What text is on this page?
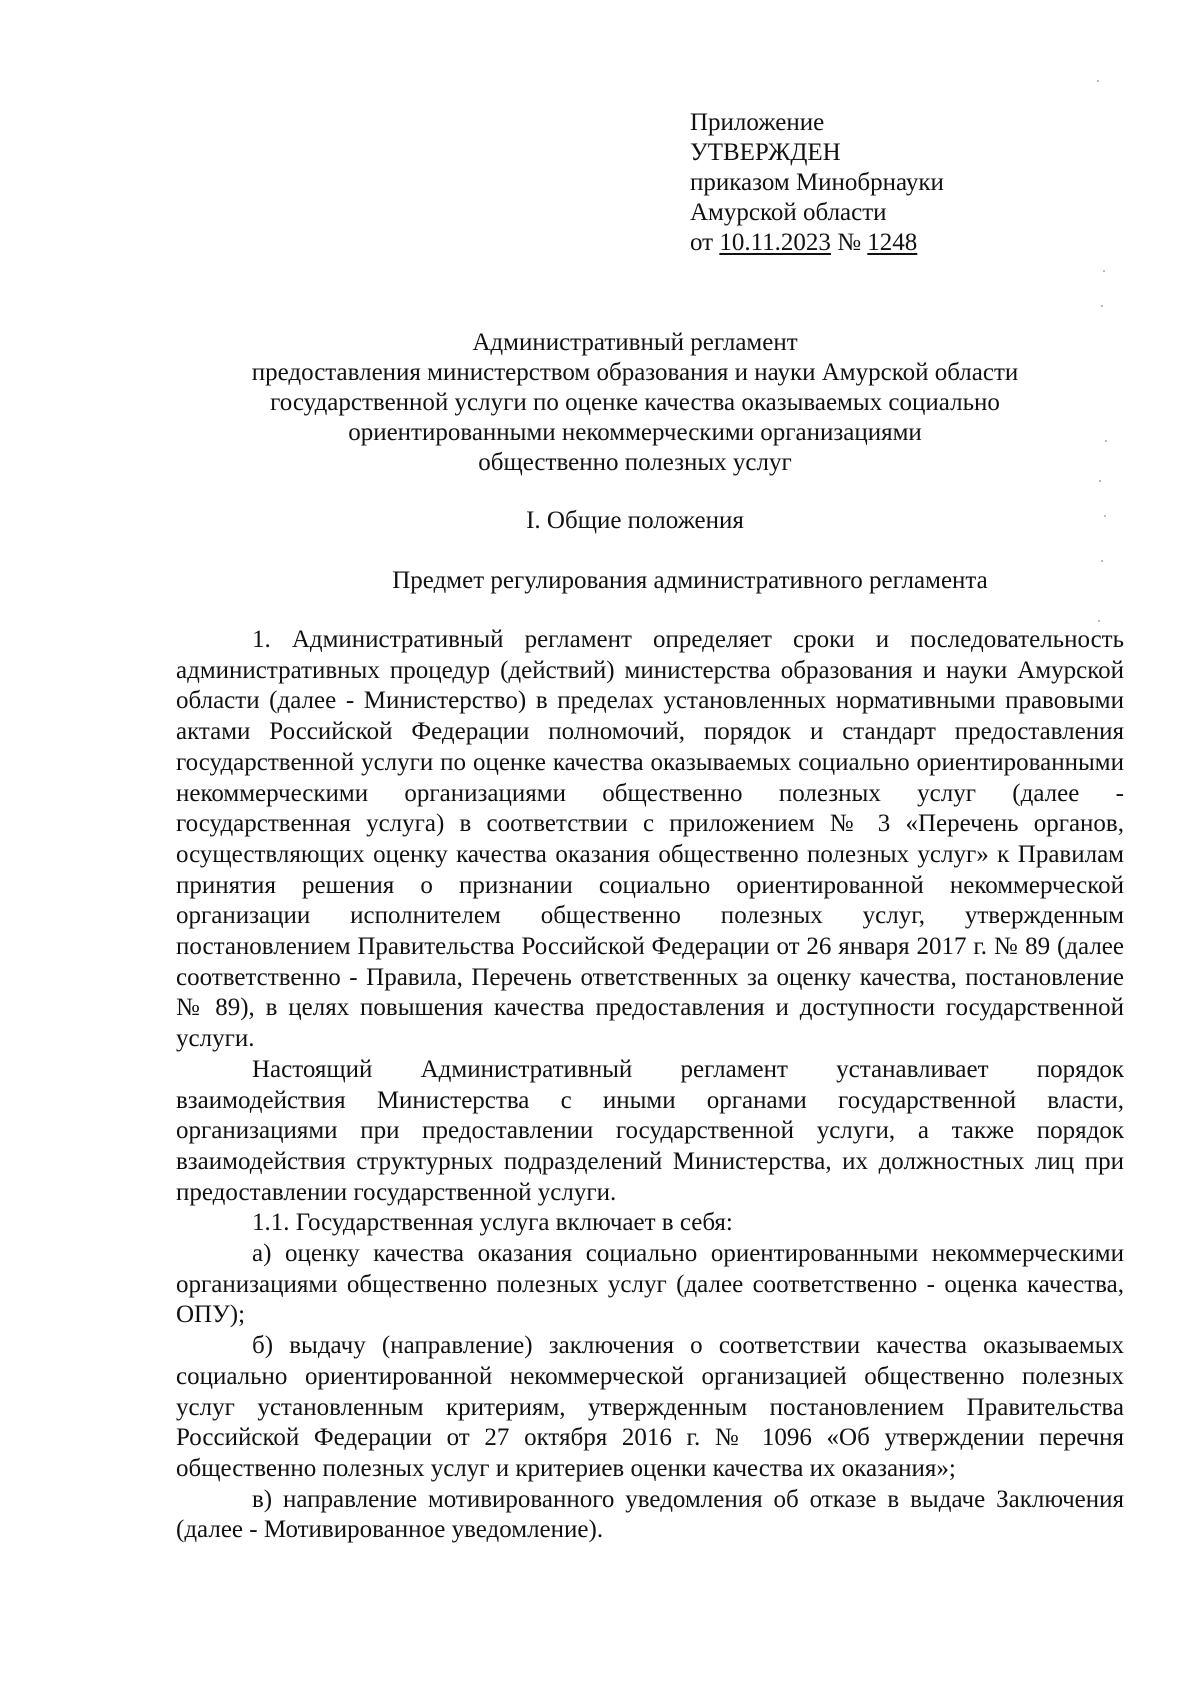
Приложение
УТВЕРЖДЕН
приказом Минобрнауки
Амурской области
от 10.11.2023 № 1248
Административный регламент
предоставления министерством образования и науки Амурской области
государственной услуги по оценке качества оказываемых социально
ориентированными некоммерческими организациями
общественно полезных услуг
I. Общие положения
Предмет регулирования административного регламента

1. Административный регламент определяет сроки и последовательность административных процедур (действий) министерства образования и науки Амурской области (далее - Министерство) в пределах установленных нормативными правовыми актами Российской Федерации полномочий, порядок и стандарт предоставления государственной услуги по оценке качества оказываемых социально ориентированными некоммерческими организациями общественно полезных услуг (далее - государственная услуга) в соответствии с приложением № 3 «Перечень органов, осуществляющих оценку качества оказания общественно полезных услуг» к Правилам принятия решения о признании социально ориентированной некоммерческой организации исполнителем общественно полезных услуг, утвержденным постановлением Правительства Российской Федерации от 26 января 2017 г. № 89 (далее соответственно - Правила, Перечень ответственных за оценку качества, постановление № 89), в целях повышения качества предоставления и доступности государственной услуги.

Настоящий Административный регламент устанавливает порядок взаимодействия Министерства с иными органами государственной власти, организациями при предоставлении государственной услуги, а также порядок взаимодействия структурных подразделений Министерства, их должностных лиц при предоставлении государственной услуги.

1.1. Государственная услуга включает в себя:

а) оценку качества оказания социально ориентированными некоммерческими организациями общественно полезных услуг (далее соответственно - оценка качества, ОПУ);

б) выдачу (направление) заключения о соответствии качества оказываемых социально ориентированной некоммерческой организацией общественно полезных услуг установленным критериям, утвержденным постановлением Правительства Российской Федерации от 27 октября 2016 г. № 1096 «Об утверждении перечня общественно полезных услуг и критериев оценки качества их оказания»;

в) направление мотивированного уведомления об отказе в выдаче Заключения (далее - Мотивированное уведомление).
